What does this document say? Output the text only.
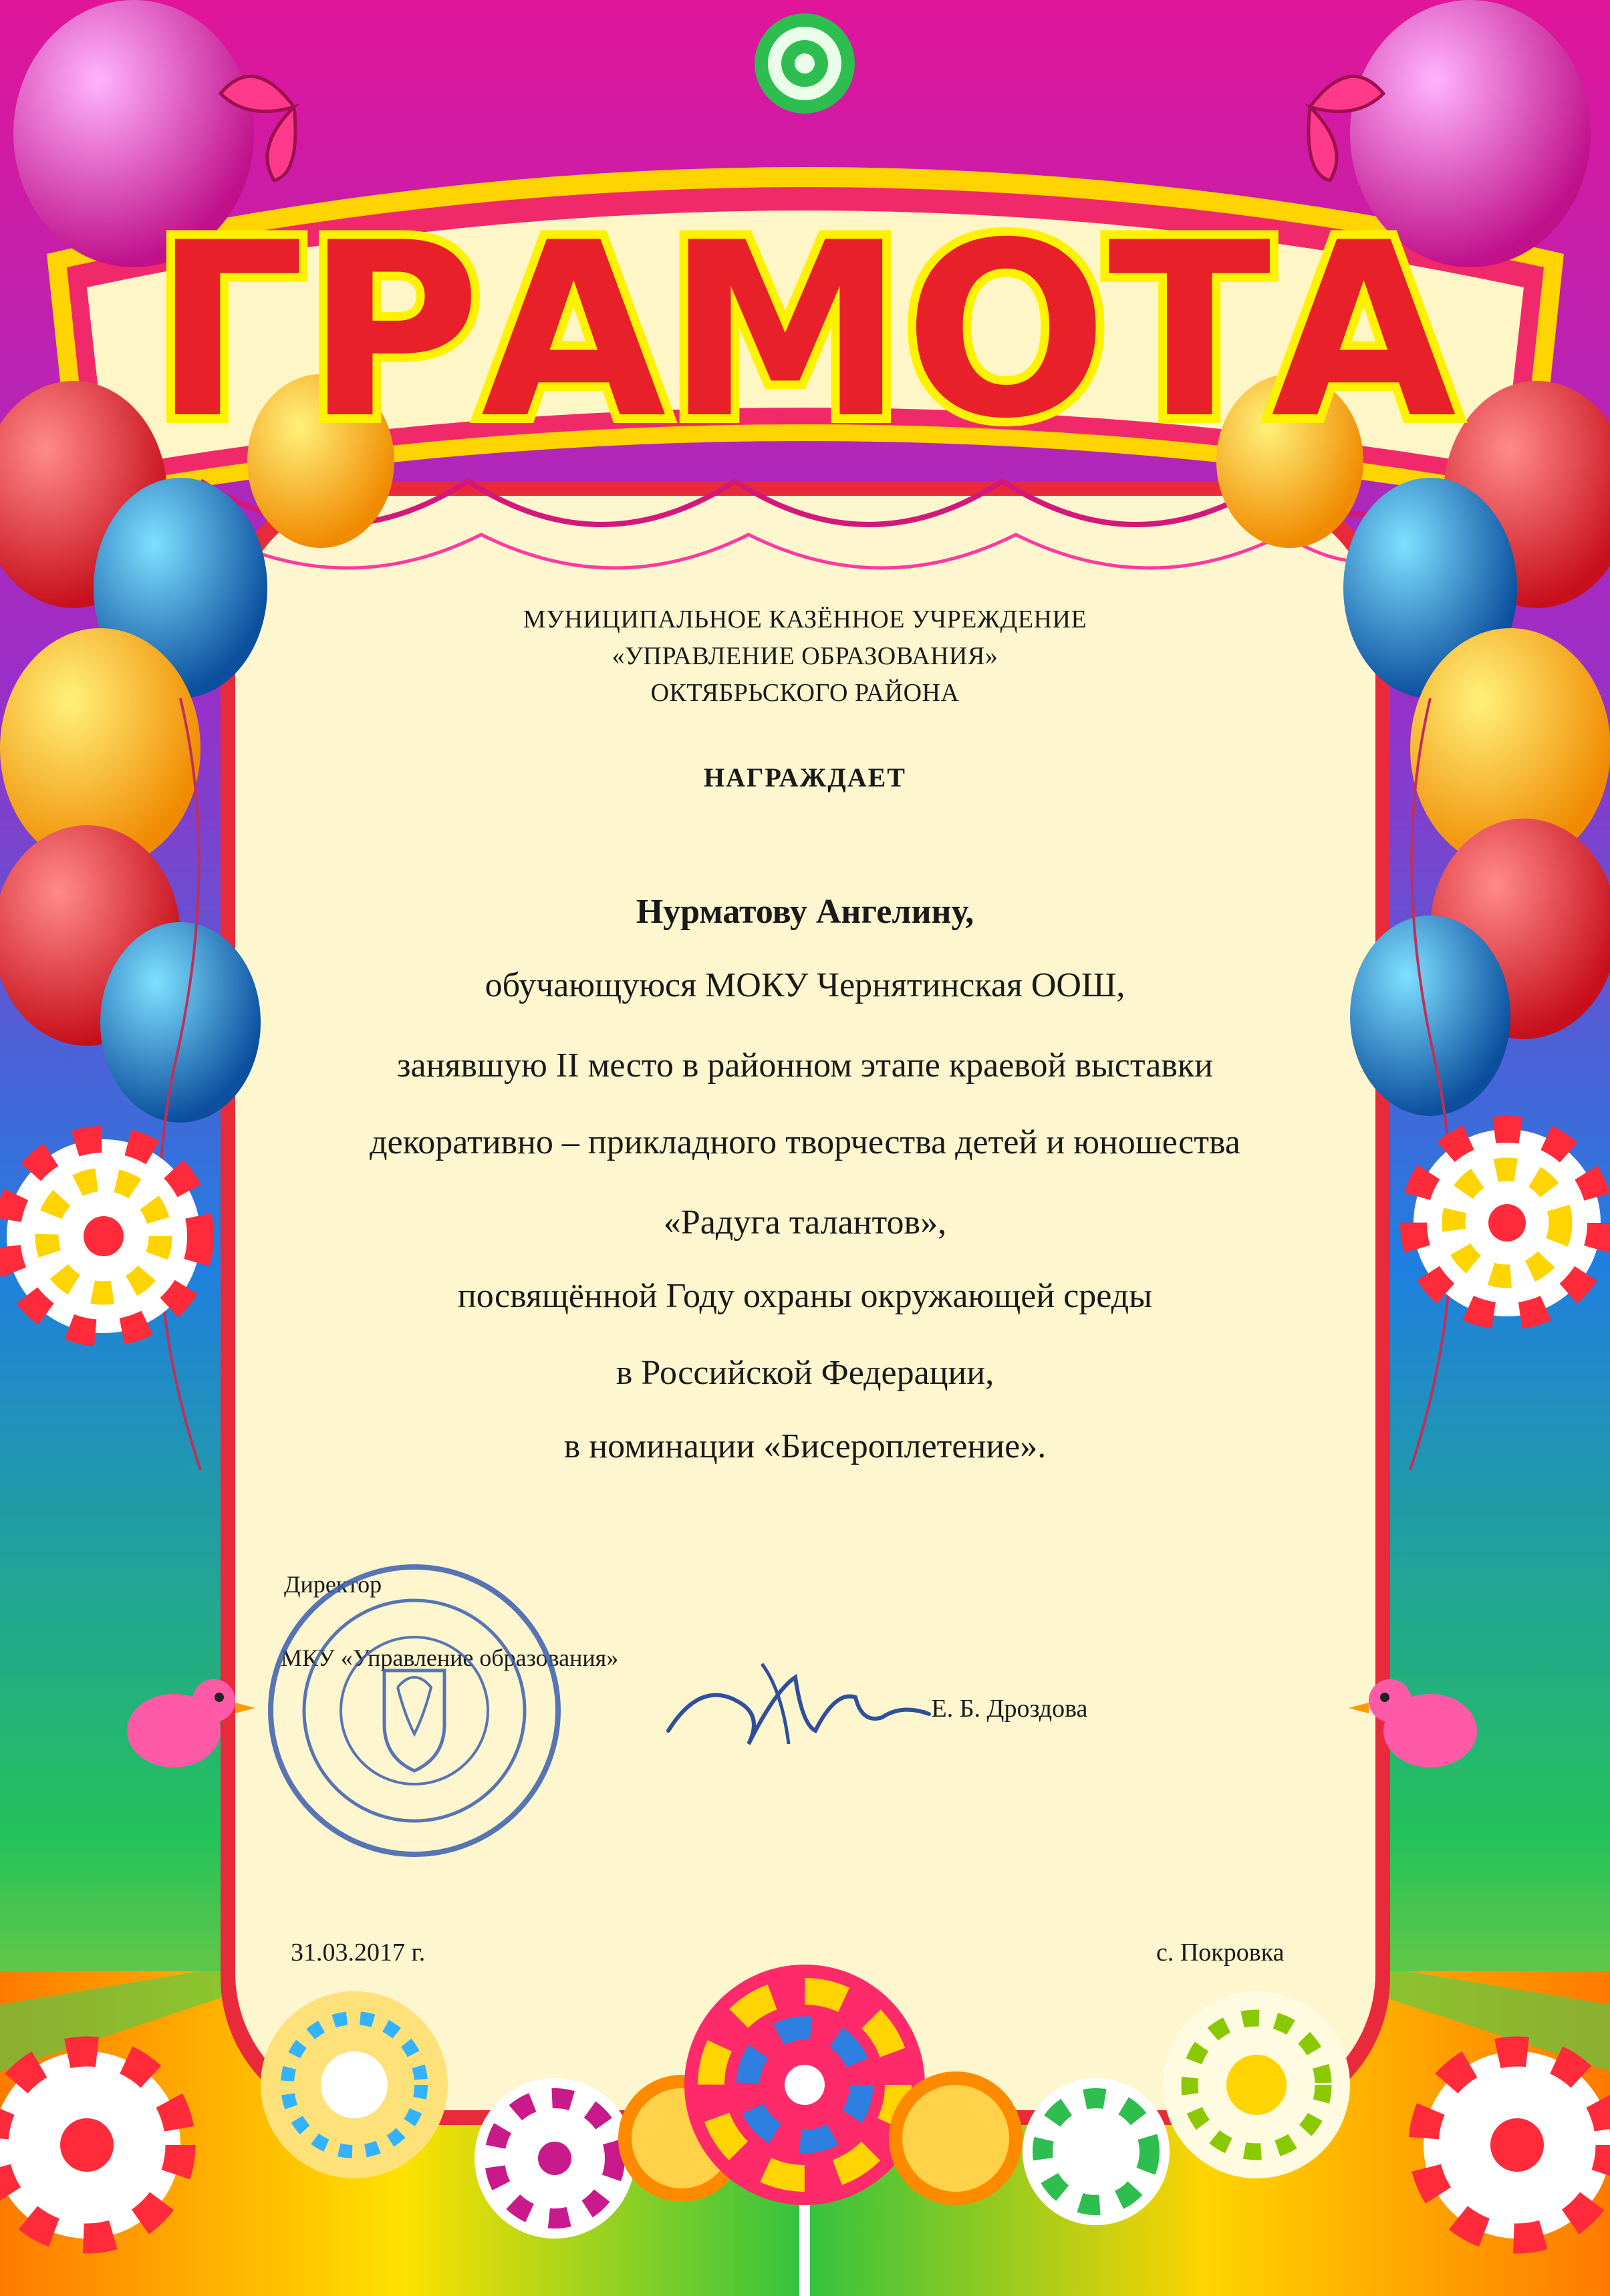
ГРАМОТА
МУНИЦИПАЛЬНОЕ КАЗЁННОЕ УЧРЕЖДЕНИЕ
«УПРАВЛЕНИЕ ОБРАЗОВАНИЯ»
ОКТЯБРЬСКОГО РАЙОНА
НАГРАЖДАЕТ
Нурматову Ангелину,
обучающуюся МОКУ Чернятинская ООШ,
занявшую II место в районном этапе краевой выставки
декоративно – прикладного творчества детей и юношества
«Радуга талантов»,
посвящённой Году охраны окружающей среды
в Российской Федерации,
в номинации «Бисероплетение».
Директор
МКУ «Управление образования»
– Е. Б. Дроздова
31.03.2017 г.	с. Покровка
